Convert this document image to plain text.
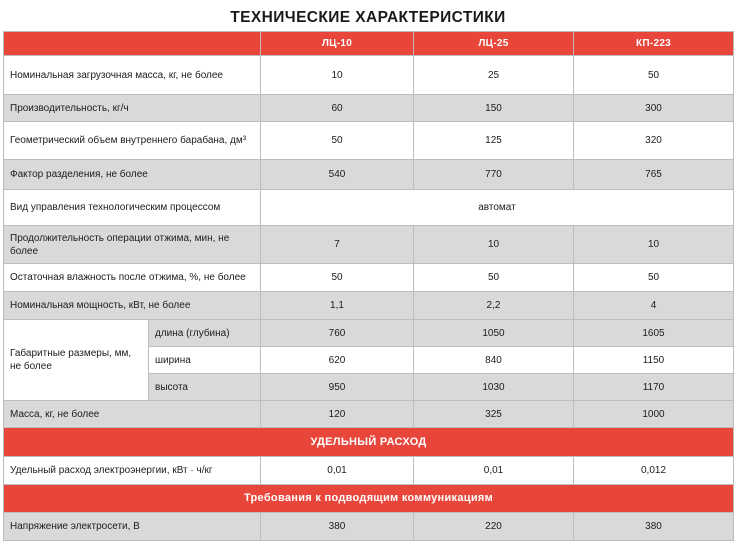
ТЕХНИЧЕСКИЕ ХАРАКТЕРИСТИКИ
		ЛЦ-10	ЛЦ-25	КП-223
Номинальная загрузочная масса, кг, не более		10	25	50
Производительность, кг/ч		60	150	300
Геометрический объем внутреннего барабана, дм³		50	125	320
Фактор разделения, не более		540	770	765
Вид управления технологическим процессом		автомат		
Продолжительность операции отжима, мин, не более		7	10	10
Остаточная влажность после отжима, %, не более		50	50	50
Номинальная мощность, кВт, не более		1,1	2,2	4
Габаритные размеры, мм, не более	длина (глубина)	760	1050	1605
	ширина	620	840	1150
	высота	950	1030	1170
Масса, кг, не более		120	325	1000
УДЕЛЬНЫЙ РАСХОД				
Удельный расход электроэнергии, кВт · ч/кг		0,01	0,01	0,012
Требования к подводящим коммуникациям				
Напряжение электросети, В		380	220	380
